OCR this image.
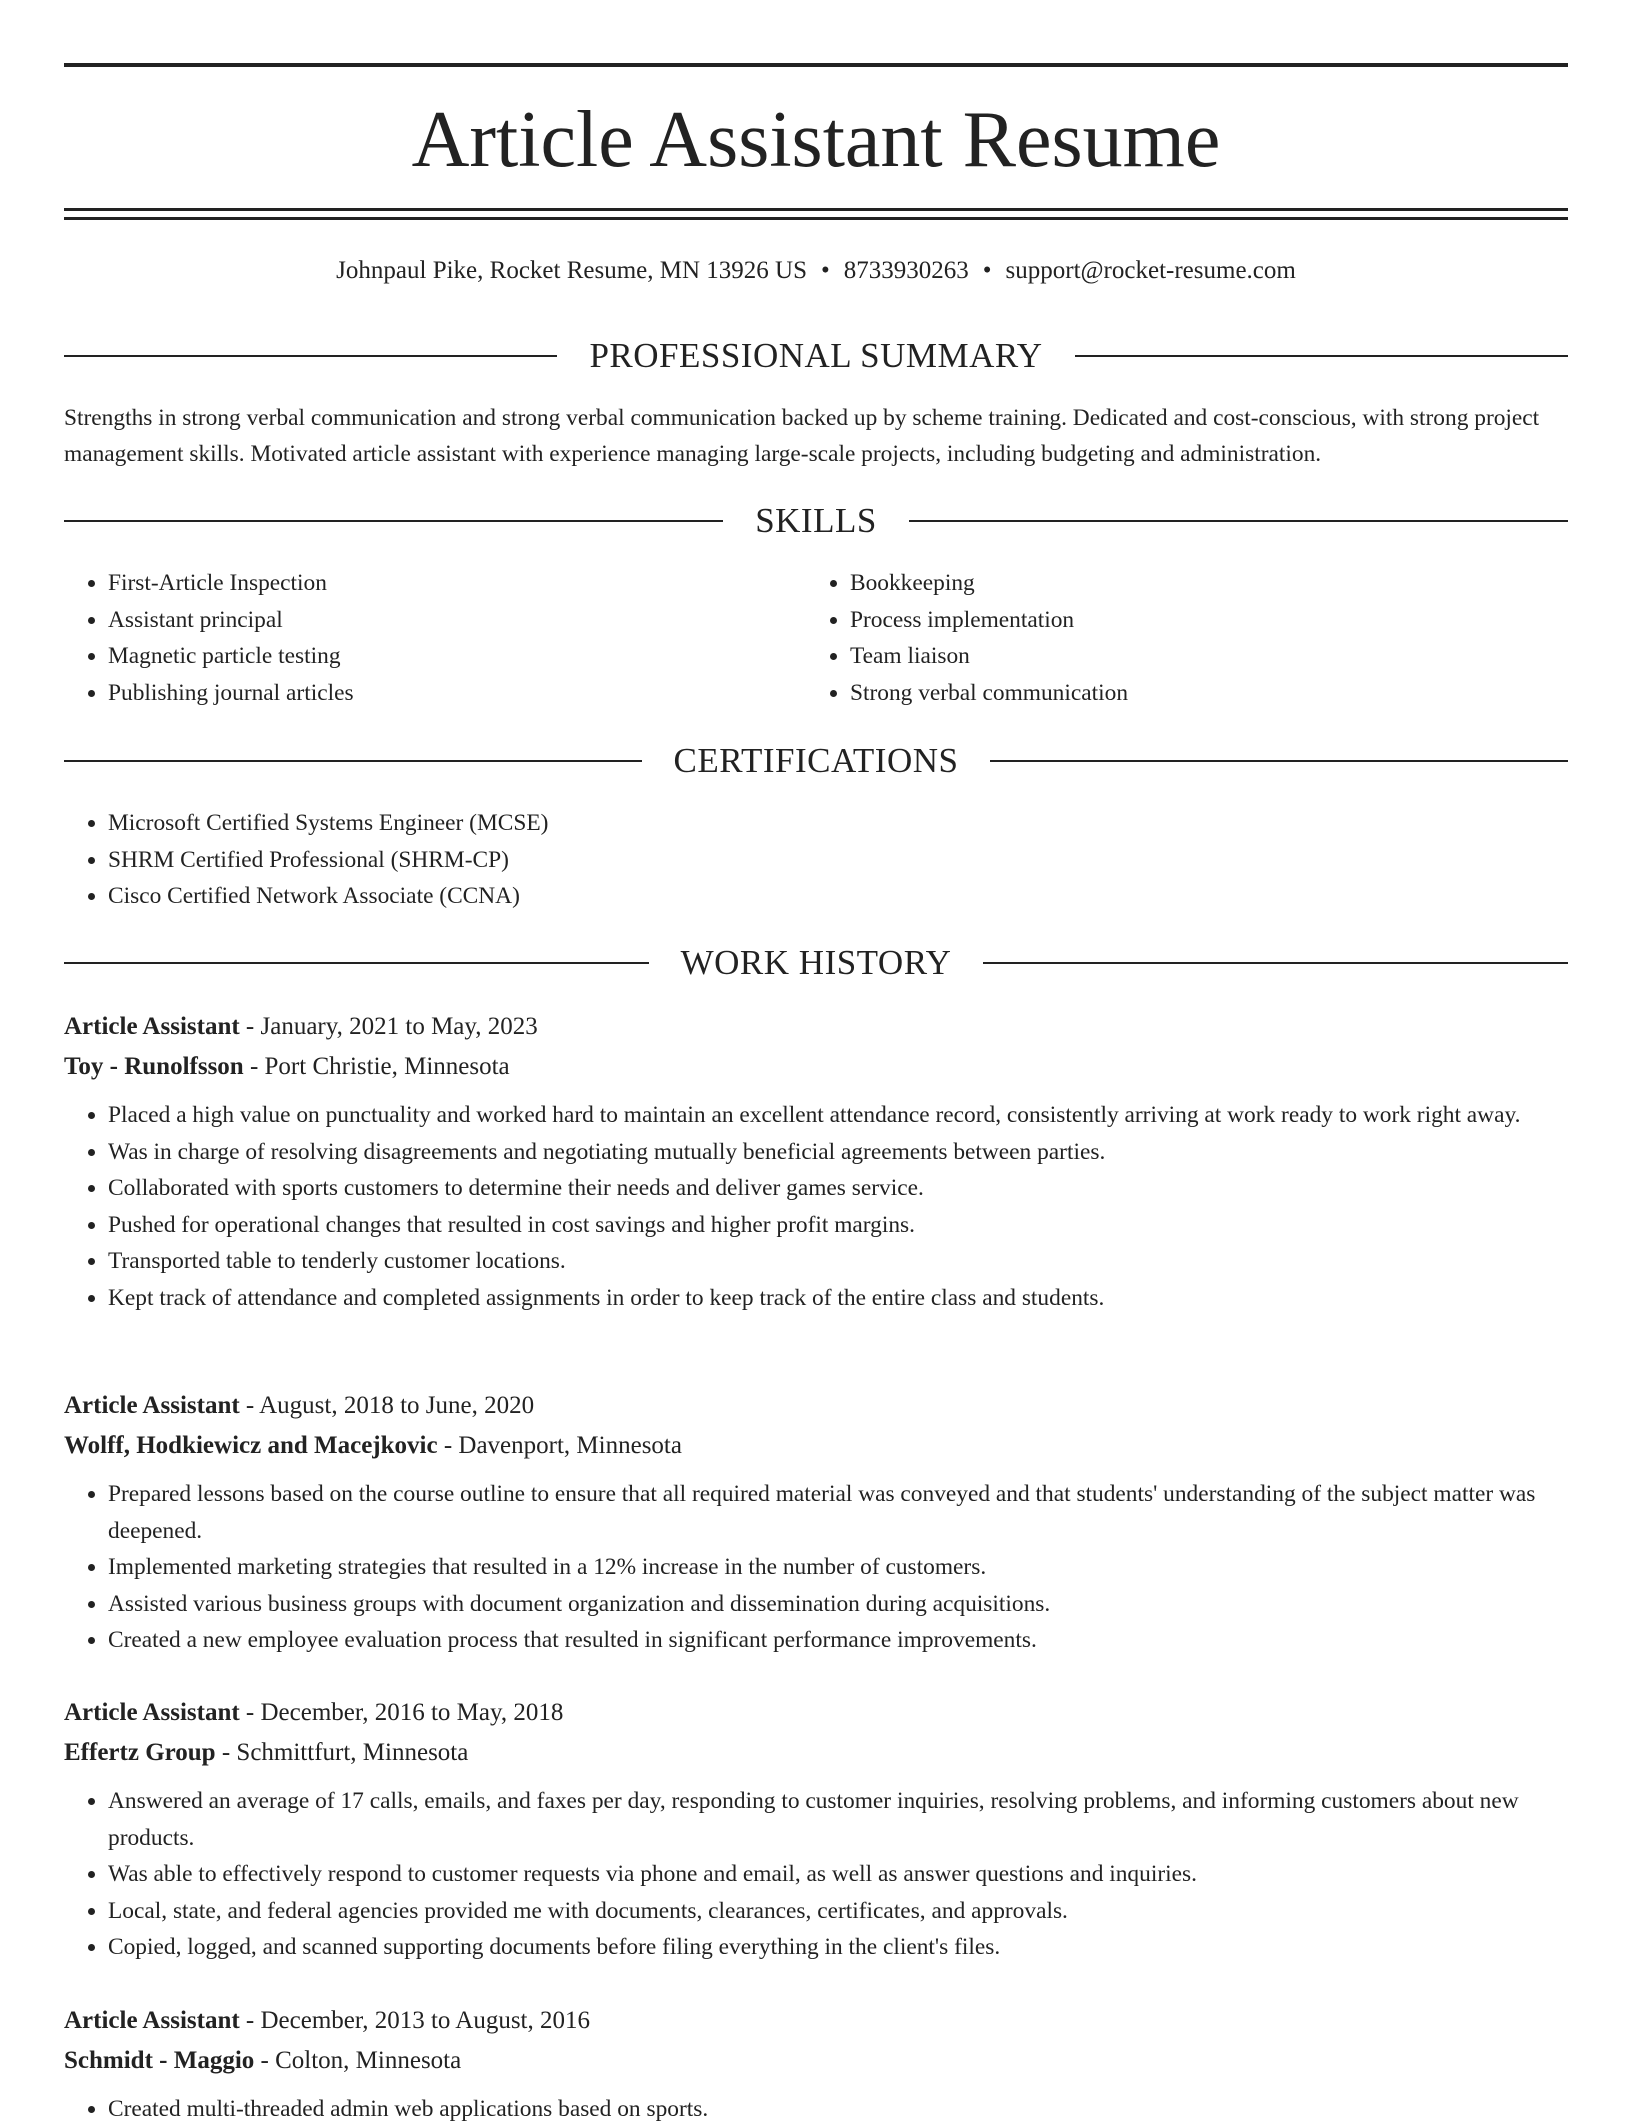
Article Assistant Resume
Johnpaul Pike, Rocket Resume, MN 13926 US • 8733930263 • support@rocket-resume.com
PROFESSIONAL SUMMARY

Strengths in strong verbal communication and strong verbal communication backed up by scheme training. Dedicated and cost-conscious, with strong project management skills. Motivated article assistant with experience managing large-scale projects, including budgeting and administration.

SKILLS
• First-Article Inspection
• Assistant principal
• Magnetic particle testing
• Publishing journal articles
• Bookkeeping
• Process implementation
• Team liaison
• Strong verbal communication
CERTIFICATIONS
• Microsoft Certified Systems Engineer (MCSE)
• SHRM Certified Professional (SHRM-CP)
• Cisco Certified Network Associate (CCNA)
WORK HISTORY
Article Assistant - January, 2021 to May, 2023
Toy - Runolfsson - Port Christie, Minnesota
• Placed a high value on punctuality and worked hard to maintain an excellent attendance record, consistently arriving at work ready to work right away.
• Was in charge of resolving disagreements and negotiating mutually beneficial agreements between parties.
• Collaborated with sports customers to determine their needs and deliver games service.
• Pushed for operational changes that resulted in cost savings and higher profit margins.
• Transported table to tenderly customer locations.
• Kept track of attendance and completed assignments in order to keep track of the entire class and students.
Article Assistant - August, 2018 to June, 2020
Wolff, Hodkiewicz and Macejkovic - Davenport, Minnesota
• Prepared lessons based on the course outline to ensure that all required material was conveyed and that students' understanding of the subject matter was deepened.
• Implemented marketing strategies that resulted in a 12% increase in the number of customers.
• Assisted various business groups with document organization and dissemination during acquisitions.
• Created a new employee evaluation process that resulted in significant performance improvements.
Article Assistant - December, 2016 to May, 2018
Effertz Group - Schmittfurt, Minnesota
• Answered an average of 17 calls, emails, and faxes per day, responding to customer inquiries, resolving problems, and informing customers about new products.
• Was able to effectively respond to customer requests via phone and email, as well as answer questions and inquiries.
• Local, state, and federal agencies provided me with documents, clearances, certificates, and approvals.
• Copied, logged, and scanned supporting documents before filing everything in the client's files.
Article Assistant - December, 2013 to August, 2016
Schmidt - Maggio - Colton, Minnesota
• Created multi-threaded admin web applications based on sports.
